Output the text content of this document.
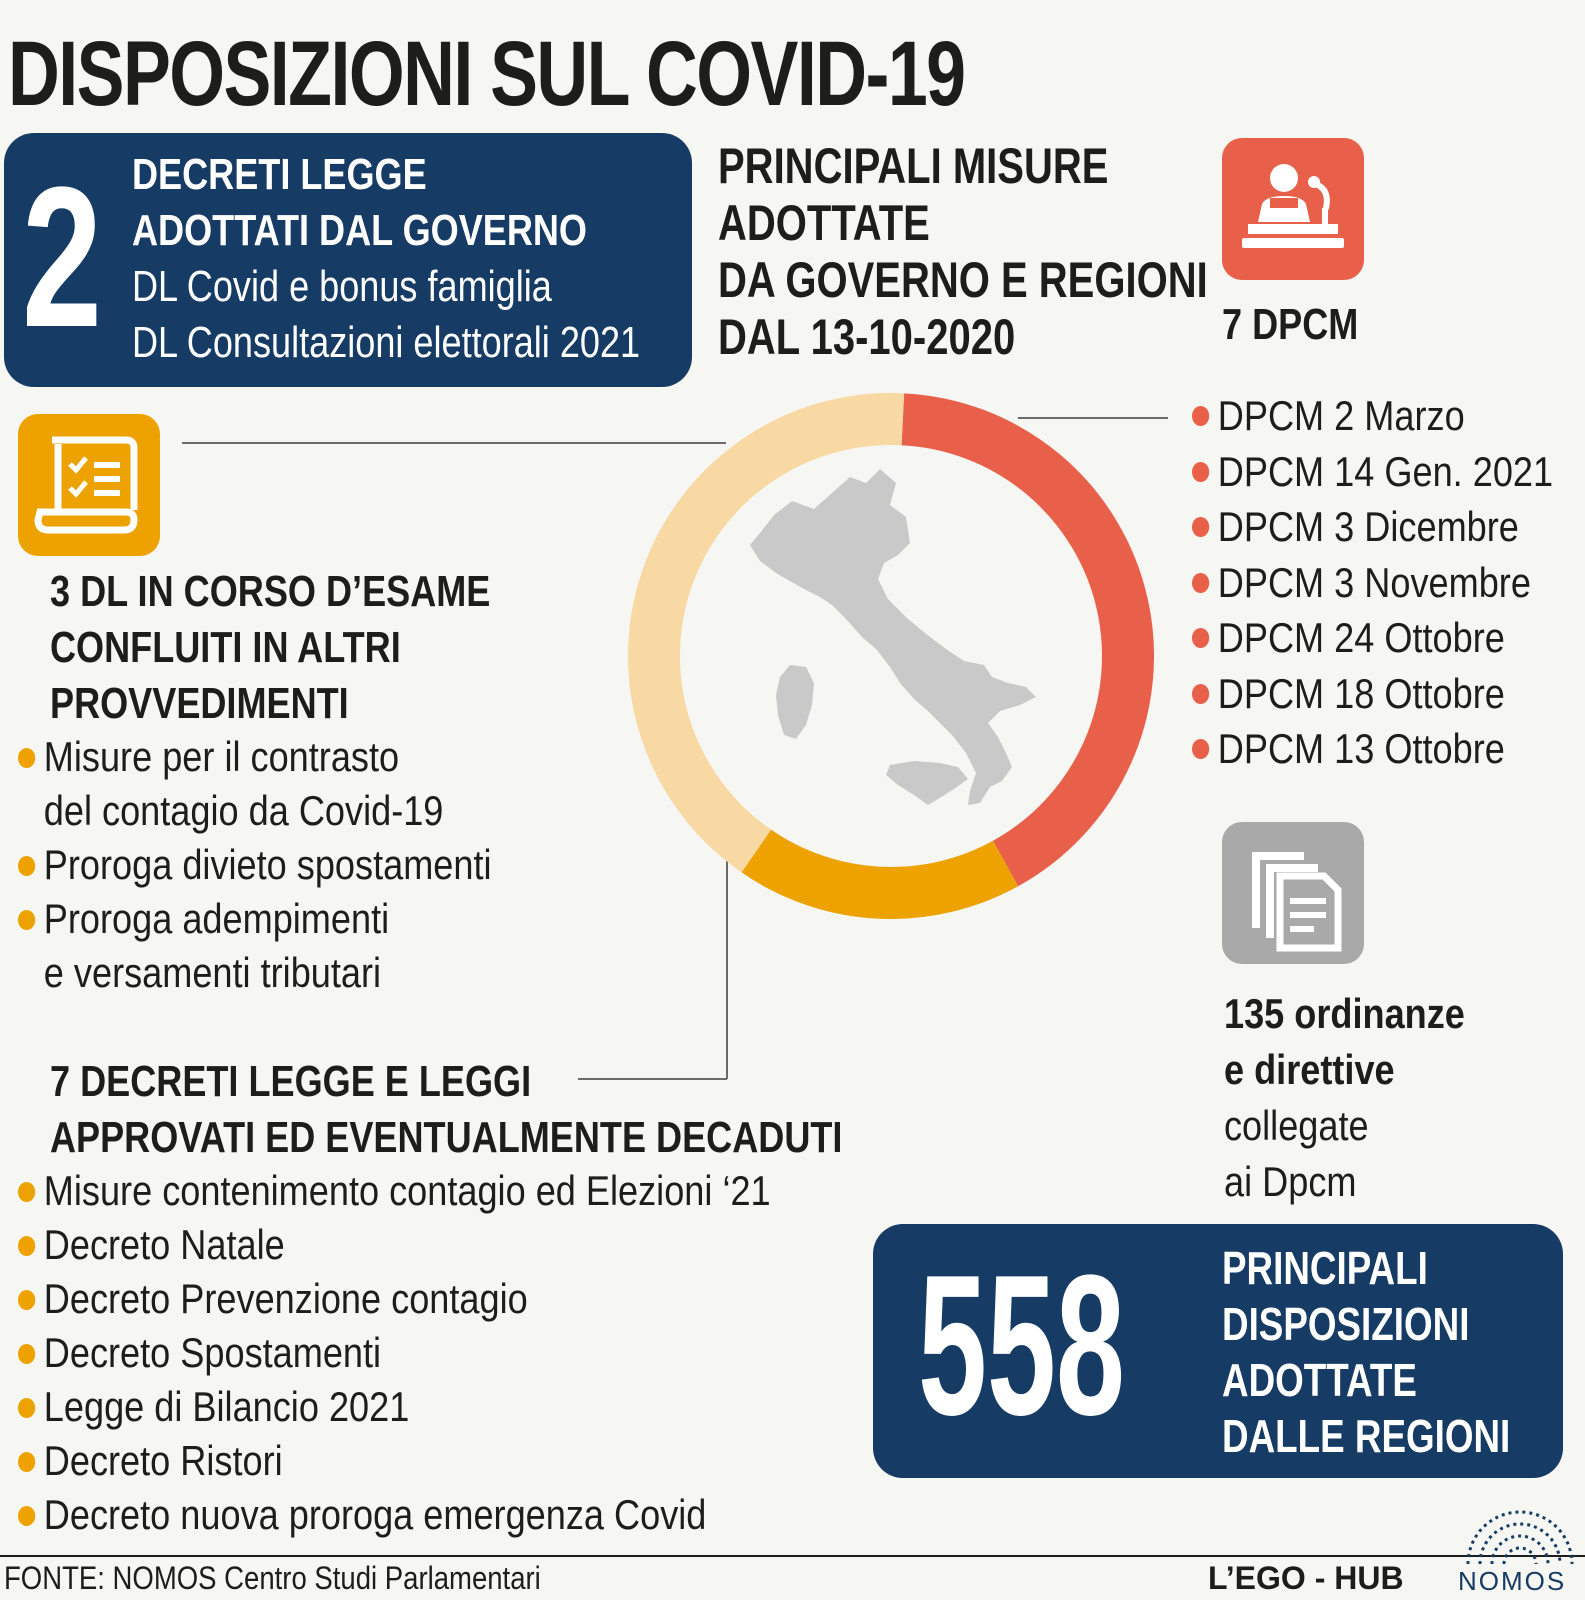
DISPOSIZIONI SUL COVID-19
2 DECRETI LEGGE
ADOTTATI DAL GOVERNO
DL Covid e bonus famiglia
DL Consultazioni elettorali 2021
PRINCIPALI MISURE
ADOTTATE
DA GOVERNO E REGIONI
DAL 13-10-2020	7 DPCM
DPCM 2 Marzo
DPCM 14 Gen. 2021
DPCM 3 Dicembre
DPCM 3 Novembre
DPCM 24 Ottobre
DPCM 18 Ottobre
DPCM 13 Ottobre
3 DL IN CORSO D’ESAME
CONFLUITI IN ALTRI
PROVVEDIMENTI
Misure per il contrasto
del contagio da Covid-19
Proroga divieto spostamenti
Proroga adempimenti
e versamenti tributari
135 ordinanze
e direttive
collegate
ai Dpcm
7 DECRETI LEGGE E LEGGI
APPROVATI ED EVENTUALMENTE DECADUTI
Misure contenimento contagio ed Elezioni ‘21
Decreto Natale
Decreto Prevenzione contagio
Decreto Spostamenti
Legge di Bilancio 2021
Decreto Ristori
Decreto nuova proroga emergenza Covid
558 PRINCIPALI
DISPOSIZIONI
ADOTTATE
DALLE REGIONI
FONTE: NOMOS Centro Studi Parlamentari	L’EGO - HUB NOMOS
